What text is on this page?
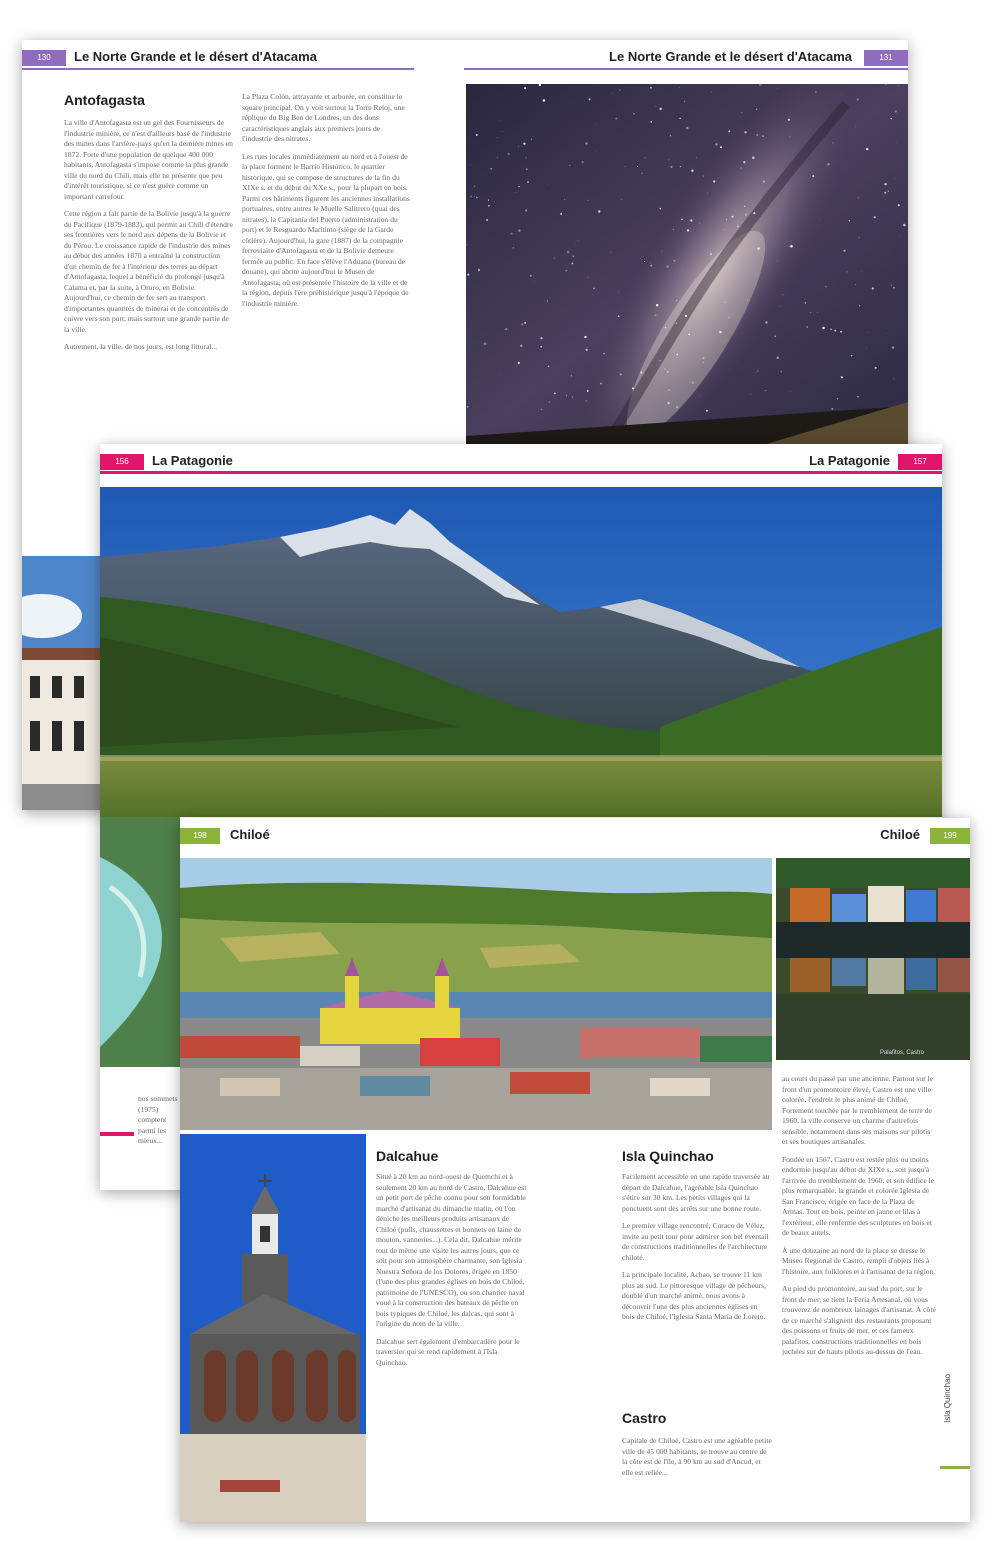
130	Le Norte Grande et le désert d'Atacama	Le Norte Grande et le désert d'Atacama	131
Antofagasta

La ville d'Antofagasta est un gel des Fournisseurs de l'industrie minière, ce n'est d'ailleurs basé de l'industrie des mines dans l'arrière-pays qu'en la dernière mines en 1872. Forte d'une population de quelque 400 000 habitants, Antofagasta s'impose comme la plus grande ville du nord du Chili, mais elle ne présente que peu d'intérêt touristique, si ce n'est guère comme un important carrefour.

Cette région a fait partie de la Bolivie jusqu'à la guerre du Pacifique (1879-1883), qui permit au Chili d'étendre ses frontières vers le nord aux dépens de la Bolivie et du Pérou. Le croissance rapide de l'industrie des mines au début des années 1870 a entraîné la construction d'un chemin de fer à l'intérieur des terres au départ d'Antofagasta, lequel a bénéficié du prolongé jusqu'à Calama et, par la suite, à Oruro, en Bolivie. Aujourd'hui, ce chemin de fer sert au transport d'importantes quantités de minerai et de concentrés de cuivre vers son port, mais surtout une grande partie de la ville.

Autrement, la ville, de nos jours, est long littoral...

La Plaza Colón, attrayante et arborée, en constitue le square principal. On y voit surtout la Torre Reloj, une réplique du Big Ben de Londres, un des dons caractéristiques anglais aux premiers jours de l'industrie des nitrates.

Les rues locales immédiatement au nord et à l'ouest de la place forment le Barrio Histórico, le quartier historique, qui se compose de structures de la fin du XIXe s. et du début du XXe s., pour la plupart en bois. Parmi ces bâtiments figurent les anciennes installations portuaires, entre autres le Muelle Salitrero (quai des nitrates), la Capitanía del Puerto (administration du port) et le Resguardo Marítimo (siège de la Garde côtière). Aujourd'hui, la gare (1887) de la compagnie ferroviaire d'Antofagasta et de la Bolivie demeure fermée au public. En face s'élève l'Aduana (bureau de douane), qui abrite aujourd'hui le Museo de Antofagasta, où est présentée l'histoire de la ville et de la région, depuis l'ère préhistorique jusqu'à l'époque de l'industrie minière.

156	La Patagonie	La Patagonie	157
nos sommets (1975) comptent parmi les mieux...
198	Chiloé	Chiloé	199
Palafitos, Castro
Dalcahue

Situé à 20 km au nord-ouest de Quemchi et à seulement 20 km au nord de Castro, Dalcahue est un petit port de pêche connu pour son formidable marché d'artisanat du dimanche matin, où l'on déniche les meilleurs produits artisanaux de Chiloé (pulls, chaussettes et bonnets en laine de mouton, vanneries...). Cela dit, Dalcahue mérite tout de même une visite les autres jours, que ce soit pour son atmosphère charmante, son Iglesia Nuestra Señora de los Dolores, érigée en 1850 (l'une des plus grandes églises en bois de Chiloé, patrimoine de l'UNESCO), ou son chantier naval voué à la construction des bateaux de pêche en bois typiques de Chiloé, les dalcas, qui sont à l'origine du nom de la ville.

Dalcahue sert également d'embarcadère pour le traversier qui se rend rapidement à l'Isla Quinchao.

Isla Quinchao

Facilement accessible en une rapide traversée au départ de Dalcahue, l'agréable Isla Quinchao s'étire sur 30 km. Les petits villages qui la ponctuent sont des arrêts sur une bonne route.

Le premier village rencontré, Curaco de Vélez, invite au petit tour pour admirer son bel éventail de constructions traditionnelles de l'architecture chiloté.

La principale localité, Achao, se trouve 11 km plus au sud. Le pittoresque village de pêcheurs, doublé d'un marché animé, nous avons à découvrir l'une des plus anciennes églises en bois de Chiloé, l'Iglesia Santa María de Loreto.

Castro

Capitale de Chiloé, Castro est une agréable petite ville de 45 000 habitants, se trouve au centre de la côte est de l'île, à 90 km au sud d'Ancud, et elle est reliée...

au cours du passé par une ancienne. Partout sur le front d'un promontoire élevé, Castro est une ville colorée, l'endroit le plus animé de Chiloé. Fortement touchée par le tremblement de terre de 1960, la ville conserve un charme d'autrefois sensible, notamment dans ses maisons sur pilotis et ses boutiques artisanales.

Fondée en 1567, Castro est restée plus ou moins endormie jusqu'au début du XIXe s., soit jusqu'à l'arrivée du tremblement de 1960, et son édifice le plus remarquable, la grande et colorée Iglesia de San Francisco, érigée en face de la Plaza de Armas. Tout en bois, peinte en jaune et lilas à l'extérieur, elle renferme des sculptures en bois et de beaux autels.

À une douzaine au nord de la place se dresse le Museo Regional de Castro, rempli d'objets liés à l'histoire, aux folklores et à l'artisanat de la région.

Au pied du promontoire, au sud du port, sur le front de mer, se tient la Feria Artesanal, où vous trouverez de nombreux lainages d'artisanat. À côté de ce marché s'alignent des restaurants proposant des poissons et fruits de mer, et ces fameux palafitos, constructions traditionnelles en bois juchées sur de hauts pilotis au-dessus de l'eau.

Isla Quinchao
